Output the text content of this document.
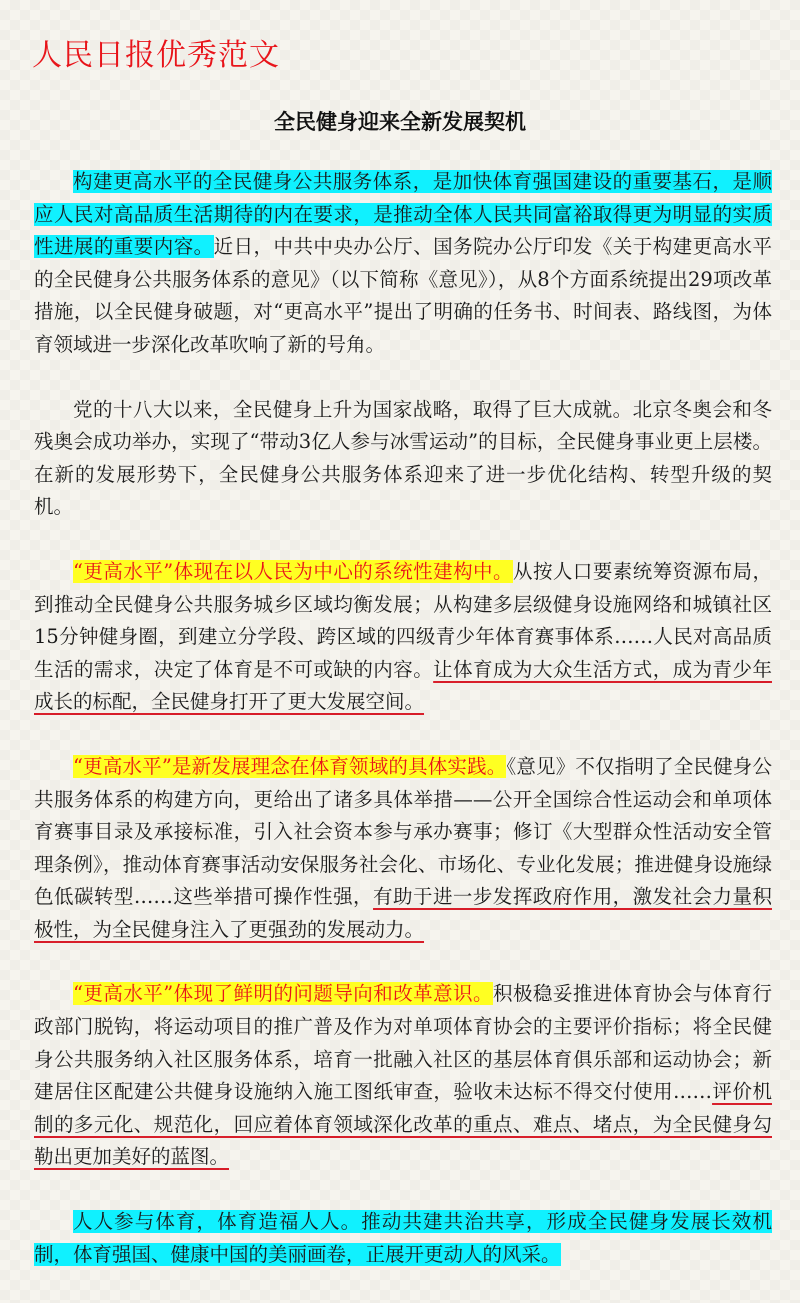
人民日报优秀范文
全民健身迎来全新发展契机

构建更高水平的全民健身公共服务体系，是加快体育强国建设的重要基石，是顺应人民对高品质生活期待的内在要求，是推动全体人民共同富裕取得更为明显的实质性进展的重要内容。近日，中共中央办公厅、国务院办公厅印发《关于构建更高水平的全民健身公共服务体系的意见》（以下简称《意见》），从8个方面系统提出29项改革措施，以全民健身破题，对“更高水平”提出了明确的任务书、时间表、路线图，为体育领域进一步深化改革吹响了新的号角。

党的十八大以来，全民健身上升为国家战略，取得了巨大成就。北京冬奥会和冬残奥会成功举办，实现了“带动3亿人参与冰雪运动”的目标，全民健身事业更上层楼。在新的发展形势下，全民健身公共服务体系迎来了进一步优化结构、转型升级的契机。

“更高水平”体现在以人民为中心的系统性建构中。从按人口要素统筹资源布局，到推动全民健身公共服务城乡区域均衡发展；从构建多层级健身设施网络和城镇社区15分钟健身圈，到建立分学段、跨区域的四级青少年体育赛事体系……人民对高品质生活的需求，决定了体育是不可或缺的内容。让体育成为大众生活方式，成为青少年成长的标配，全民健身打开了更大发展空间。

“更高水平”是新发展理念在体育领域的具体实践。《意见》不仅指明了全民健身公共服务体系的构建方向，更给出了诸多具体举措——公开全国综合性运动会和单项体育赛事目录及承接标准，引入社会资本参与承办赛事；修订《大型群众性活动安全管理条例》，推动体育赛事活动安保服务社会化、市场化、专业化发展；推进健身设施绿色低碳转型……这些举措可操作性强，有助于进一步发挥政府作用，激发社会力量积极性，为全民健身注入了更强劲的发展动力。

“更高水平”体现了鲜明的问题导向和改革意识。积极稳妥推进体育协会与体育行政部门脱钩，将运动项目的推广普及作为对单项体育协会的主要评价指标；将全民健身公共服务纳入社区服务体系，培育一批融入社区的基层体育俱乐部和运动协会；新建居住区配建公共健身设施纳入施工图纸审查，验收未达标不得交付使用……评价机制的多元化、规范化，回应着体育领域深化改革的重点、难点、堵点，为全民健身勾勒出更加美好的蓝图。

人人参与体育，体育造福人人。推动共建共治共享，形成全民健身发展长效机制，体育强国、健康中国的美丽画卷，正展开更动人的风采。
